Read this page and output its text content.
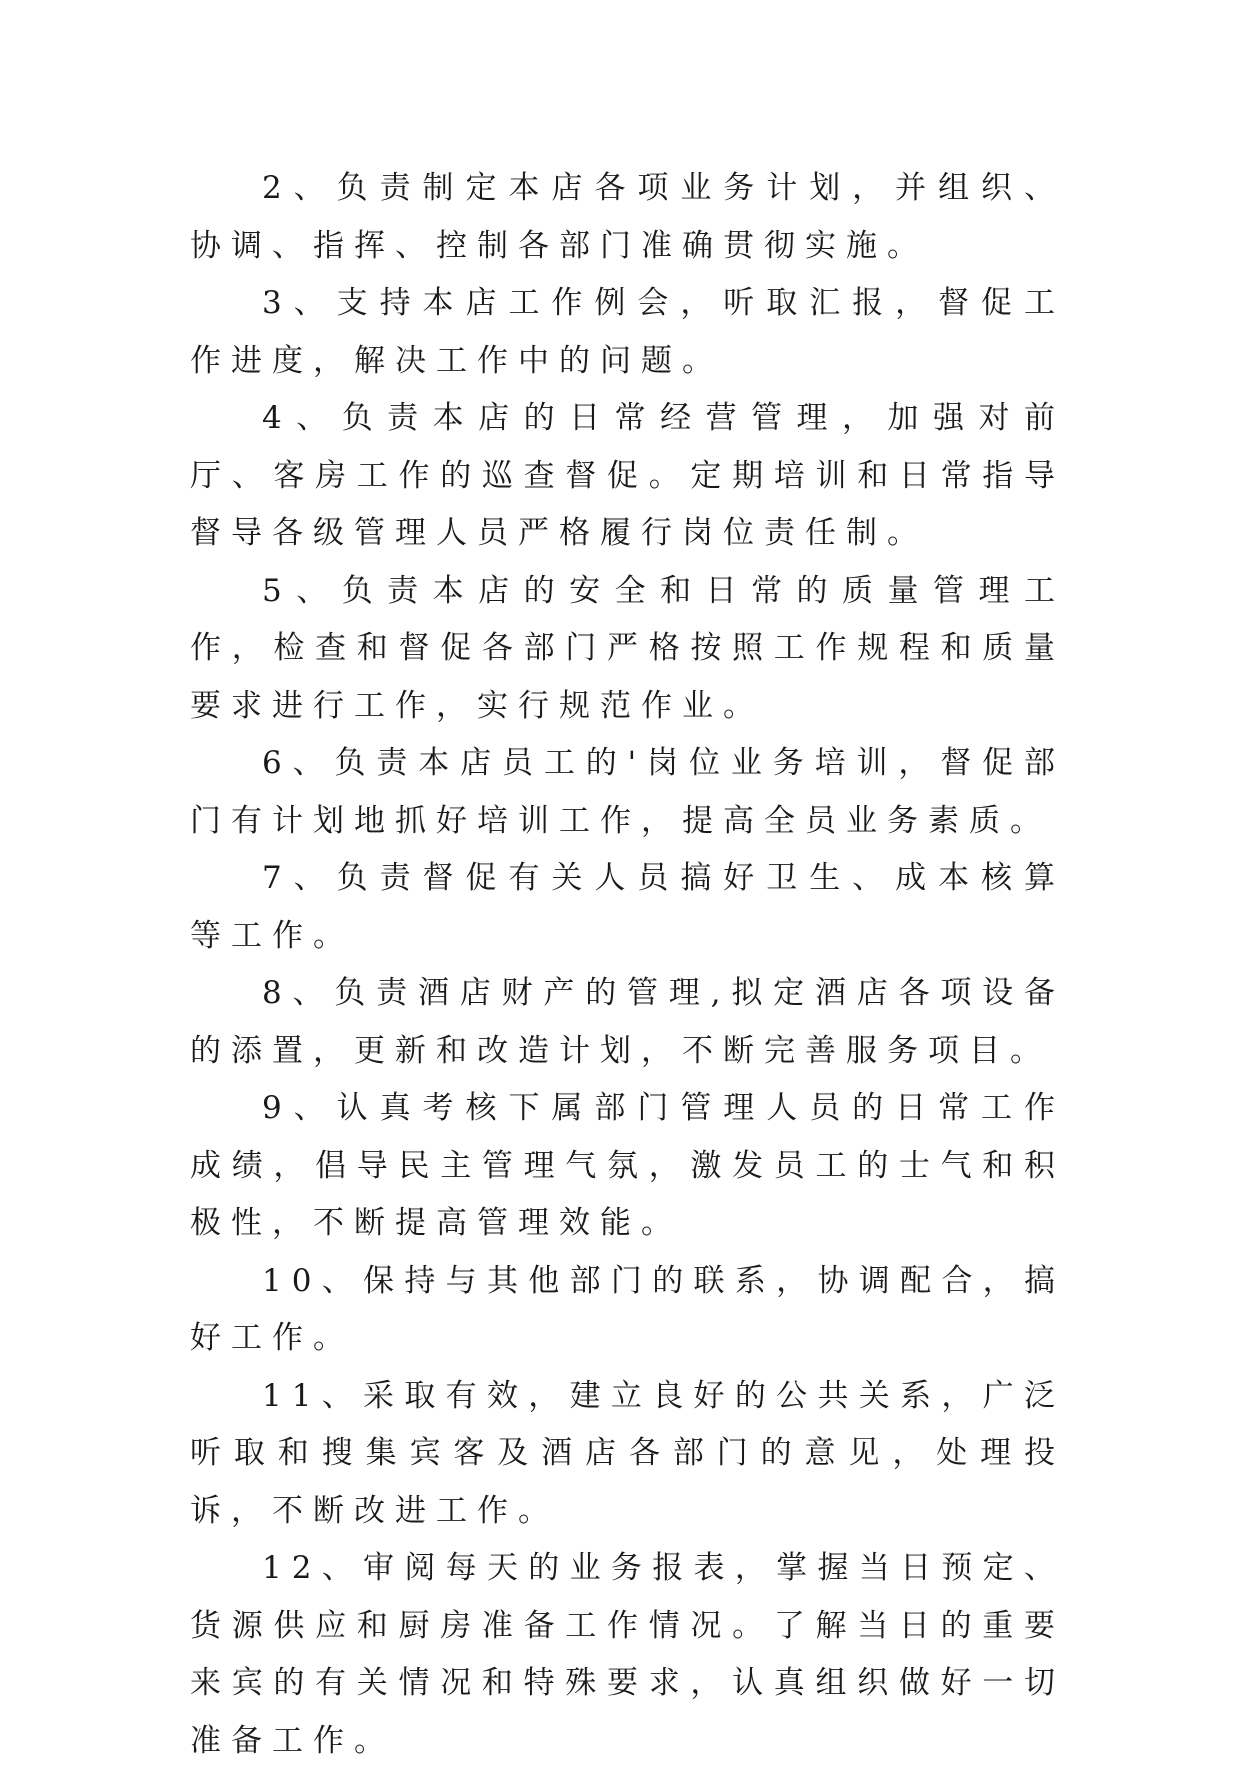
2、负责制定本店各项业务计划，并组织、协调、指挥、控制各部门准确贯彻实施。

3、支持本店工作例会，听取汇报，督促工作进度，解决工作中的问题。

4、负责本店的日常经营管理，加强对前厅、客房工作的巡查督促。定期培训和日常指导督导各级管理人员严格履行岗位责任制。

5、负责本店的安全和日常的质量管理工作，检查和督促各部门严格按照工作规程和质量要求进行工作，实行规范作业。

6、负责本店员工的'岗位业务培训，督促部门有计划地抓好培训工作，提高全员业务素质。

7、负责督促有关人员搞好卫生、成本核算等工作。

8、负责酒店财产的管理,拟定酒店各项设备的添置，更新和改造计划，不断完善服务项目。

9、认真考核下属部门管理人员的日常工作成绩，倡导民主管理气氛，激发员工的士气和积极性，不断提高管理效能。

10、保持与其他部门的联系，协调配合，搞好工作。

11、采取有效，建立良好的公共关系，广泛听取和搜集宾客及酒店各部门的意见，处理投诉，不断改进工作。

12、审阅每天的业务报表，掌握当日预定、货源供应和厨房准备工作情况。了解当日的重要来宾的有关情况和特殊要求，认真组织做好一切准备工作。
